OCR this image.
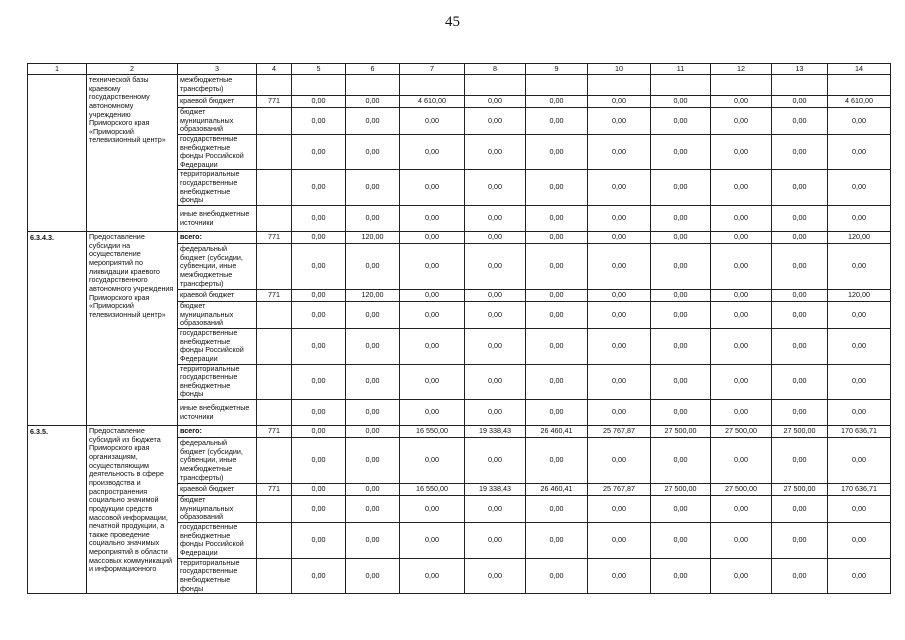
45
1	2	3	4	5	6	7	8	9	10	11	12	13	14
	технической базы краевому государственному автономному учреждению Приморского края «Приморский телевизионный центр»	межбюджетные трансферты)											
		краевой бюджет	771	0,00	0,00	4 610,00	0,00	0,00	0,00	0,00	0,00	0,00	4 610,00
		бюджет муниципальных образований		0,00	0,00	0,00	0,00	0,00	0,00	0,00	0,00	0,00	0,00
		государственные внебюджетные фонды Российской Федерации		0,00	0,00	0,00	0,00	0,00	0,00	0,00	0,00	0,00	0,00
		территориальные государственные внебюджетные фонды		0,00	0,00	0,00	0,00	0,00	0,00	0,00	0,00	0,00	0,00
		иные внебюджетные источники		0,00	0,00	0,00	0,00	0,00	0,00	0,00	0,00	0,00	0,00
6.3.4.3.	Предоставление субсидии на осуществление мероприятий по ликвидации краевого государственного автономного учреждения Приморского края «Приморский телевизионный центр»	всего:	771	0,00	120,00	0,00	0,00	0,00	0,00	0,00	0,00	0,00	120,00
		федеральный бюджет (субсидии, субвенции, иные межбюджетные трансферты)		0,00	0,00	0,00	0,00	0,00	0,00	0,00	0,00	0,00	0,00
		краевой бюджет	771	0,00	120,00	0,00	0,00	0,00	0,00	0,00	0,00	0,00	120,00
		бюджет муниципальных образований		0,00	0,00	0,00	0,00	0,00	0,00	0,00	0,00	0,00	0,00
		государственные внебюджетные фонды Российской Федерации		0,00	0,00	0,00	0,00	0,00	0,00	0,00	0,00	0,00	0,00
		территориальные государственные внебюджетные фонды		0,00	0,00	0,00	0,00	0,00	0,00	0,00	0,00	0,00	0,00
		иные внебюджетные источники		0,00	0,00	0,00	0,00	0,00	0,00	0,00	0,00	0,00	0,00
6.3.5.	Предоставление субсидий из бюджета Приморского края организациям, осуществляющим деятельность в сфере производства и распространения социально значимой продукции средств массовой информации, печатной продукции, а также проведение социально значимых мероприятий в области массовых коммуникаций и информационного	всего:	771	0,00	0,00	16 550,00	19 338,43	26 460,41	25 767,87	27 500,00	27 500,00	27 500,00	170 636,71
		федеральный бюджет (субсидии, субвенции, иные межбюджетные трансферты)		0,00	0,00	0,00	0,00	0,00	0,00	0,00	0,00	0,00	0,00
		краевой бюджет	771	0,00	0,00	16 550,00	19 338,43	26 460,41	25 767,87	27 500,00	27 500,00	27 500,00	170 636,71
		бюджет муниципальных образований		0,00	0,00	0,00	0,00	0,00	0,00	0,00	0,00	0,00	0,00
		государственные внебюджетные фонды Российской Федерации		0,00	0,00	0,00	0,00	0,00	0,00	0,00	0,00	0,00	0,00
		территориальные государственные внебюджетные фонды		0,00	0,00	0,00	0,00	0,00	0,00	0,00	0,00	0,00	0,00
